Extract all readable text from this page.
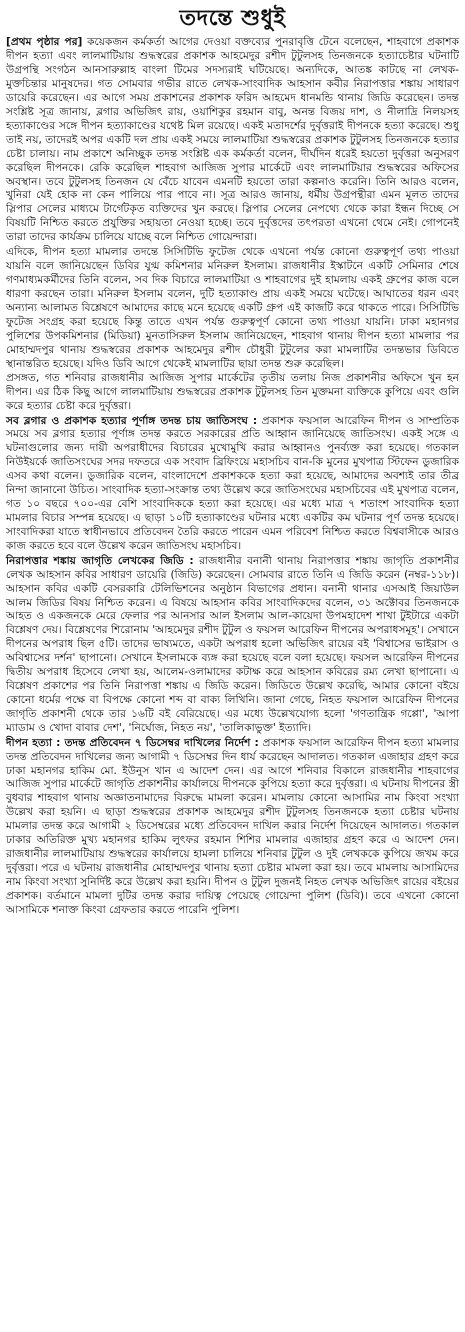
তদন্তে শুধুই

[প্রথম পৃষ্ঠার পর] কয়েকজন কর্মকর্তা আগের দেওয়া বক্তব্যের পুনরাবৃত্তি টেনে বলেছেন, শাহবাগে প্রকাশক দীপন হত্যা এবং লালমাটিয়ায় শুদ্ধস্বরের প্রকাশক আহমেদুর রশীদ টুটুলসহ তিনজনকে হত্যাচেষ্টার ঘটনাটি উগ্রপন্থি সংগঠন আনসারুল্লাহ বাংলা টিমের সদস্যরাই ঘটিয়েছে। অন্যদিকে, আতঙ্ক কাটছে না লেখক-মুক্তচিন্তার মানুষদের। গত সোমবার গভীর রাতে লেখক-সাংবাদিক আহসান কবীর নিরাপত্তার শঙ্কায় সাধারণ ডায়েরি করেছেন। এর আগে সময় প্রকাশনের প্রকাশক ফরিদ আহমেদ ধানমন্ডি থানায় জিডি করেছেন। তদন্ত সংশ্লিষ্ট সূত্র জানায়, ব্লগার অভিজিৎ রায়, ওয়াশিকুর রহমান বাবু, অনন্ত বিজয় দাশ, ও নীলাদ্রি নিলয়সহ হত্যাকাণ্ডের সঙ্গে দীপন হত্যাকাণ্ডের যথেষ্ট মিল রয়েছে। একই মতাদর্শের দুর্বৃত্তরাই দীপনকে হত্যা করেছে। শুধু তাই নয়, তাদেরই অপর একটি দল প্রায় একই সময়ে লালমাটিয়া শুদ্ধস্বরের প্রকাশক টুটুলসহ তিনজনকে হত্যার চেষ্টা চালায়। নাম প্রকাশে অনিচ্ছুক তদন্ত সংশ্লিষ্ট এক কর্মকর্তা বলেন, দীর্ঘদিন ধরেই হয়তো দুর্বৃত্তরা অনুসরণ করেছিল দীপনকে। রেকি করেছিল শাহবাগ আজিজ সুপার মার্কেটে এবং লালমাটিয়ার শুদ্ধস্বরের অফিসের অবস্থান। তবে টুটুলসহ তিনজন যে বেঁচে যাবেন এমনটি হয়তো তারা কল্পনাও করেনি। তিনি আরও বলেন, খুনিরা যেই হোক না কেন পালিয়ে পার পাবে না। সূত্র আরও জানায়, ধর্মীয় উগ্রপন্থীরা এমন মূলত তাদের স্লিপার সেলের মাধ্যমে টার্গেটকৃত ব্যক্তিদের খুন করছে। স্লিপার সেলের নেপথ্যে থেকে কারা ইন্ধন দিচ্ছে সে বিষয়টি নিশ্চিত করতে প্রযুক্তির সহায়তা নেওয়া হচ্ছে। তবে দুর্বৃত্তদের তৎপরতা এখনো থেমে নেই। গোপনেই তারা তাদের কার্যক্রম চালিয়ে যাচ্ছে বলে নিশ্চিত গোয়েন্দারা।

এদিকে, দীপন হত্যা মামলার তদন্তে সিসিটিভি ফুটেজ থেকে এখনো পর্যন্ত কোনো গুরুত্বপূর্ণ তথ্য পাওয়া যায়নি বলে জানিয়েছেন ডিবির যুগ্ম কমিশনার মনিরুল ইসলাম। রাজধানীর ইস্কাটনে একটি সেমিনার শেষে গণমাধ্যমকর্মীদের তিনি বলেন, সব দিক বিচারে লালমাটিয়া ও শাহবাগের দুই হামলায় একই গ্রুপের কাজ বলে ধারণা করছেন তারা। মনিরুল ইসলাম বলেন, দুটি হত্যাকাণ্ড প্রায় একই সময়ে ঘটেছে। আঘাতের ধরন এবং অন্যান্য আলামত বিশ্লেষণে আমাদের কাছে মনে হয়েছে একটি গ্রুপ এই কাজটি করে থাকতে পারে। সিসিটিভি ফুটেজ সংগ্রহ করা হয়েছে কিন্তু তাতে এখন পর্যন্ত গুরুত্বপূর্ণ কোনো তথ্য পাওয়া যায়নি। ঢাকা মহানগর পুলিশের উপকমিশনার (মিডিয়া) মুনতাসিরুল ইসলাম জানিয়েছেন, শাহবাগ থানায় দীপন হত্যা মামলার পর মোহাম্মদপুর থানায় শুদ্ধস্বরের প্রকাশক আহমেদুর রশীদ চৌধুরী টুটুলের করা মামলাটির তদন্তভার ডিবিতে স্থানান্তরিত হয়েছে। যদিও ডিবি আগে থেকেই মামলাটির ছায়া তদন্ত শুরু করেছিল।

প্রসঙ্গত, গত শনিবার রাজধানীর আজিজ সুপার মার্কেটের তৃতীয় তলায় নিজ প্রকাশনীর অফিসে খুন হন দীপন। এর ঠিক কিছু আগে লালমাটিয়ায় শুদ্ধস্বরের প্রকাশক টুটুলসহ তিন মুক্তমনা ব্যক্তিকে কুপিয়ে এবং গুলি করে হত্যার চেষ্টা করে দুর্বৃত্তরা।

সব ব্লগার ও প্রকাশক হত্যার পূর্ণাঙ্গ তদন্ত চায় জাতিসংঘ : প্রকাশক ফয়সাল আরেফিন দীপন ও সাম্প্রতিক সময়ে সব ব্লগার হত্যার পূর্ণাঙ্গ তদন্ত করতে সরকারের প্রতি আহ্বান জানিয়েছে জাতিসংঘ। একই সঙ্গে এ ঘটনাগুলোর জন্য দায়ী অপরাধীদের বিচারের মুখোমুখি করার আহ্বানও পুনর্ব্যক্ত করা হয়েছে। গতকাল নিউইয়র্কে জাতিসংঘের সদর দফতরে এক সংবাদ ব্রিফিংয়ে মহাসচিব বান-কি মুনের মুখপাত্র স্টিফেন ডুজারিক এসব কথা বলেন। ডুজারিক বলেন, বাংলাদেশে প্রকাশককে হত্যা করা হয়েছে, আমাদের অবশ্যই তার তীব্র নিন্দা জানানো উচিত। সাংবাদিক হত্যা-সংক্রান্ত তথ্য উল্লেখ করে জাতিসংঘের মহাসচিবের এই মুখপাত্র বলেন, গত ১০ বছরে ৭০০-এর বেশি সাংবাদিককে হত্যা করা হয়েছে। এর মধ্যে মাত্র ৭ শতাংশ সাংবাদিক হত্যা মামলার বিচার সম্পন্ন হয়েছে। এ ছাড়া ১০টি হত্যাকাণ্ডের ঘটনার মধ্যে একটির কম ঘটনার পূর্ণ তদন্ত হয়েছে। সাংবাদিকরা যাতে স্বাধীনভাবে প্রতিবেদন তৈরি করতে পারেন এমন পরিবেশ নিশ্চিত করতে বিশ্ববাসীকে আরও কাজ করতে হবে বলে উল্লেখ করেন জাতিসংঘ মহাসচিব।

নিরাপত্তার শঙ্কায় জাগৃতি লেখকের জিডি : রাজধানীর বনানী থানায় নিরাপত্তার শঙ্কায় জাগৃতি প্রকাশনীর লেখক আহসান কবির সাধারণ ডায়েরি (জিডি) করেছেন। সোমবার রাতে তিনি এ জিডি করেন (নম্বর-১১৮)। আহসান কবির একটি বেসরকারি টেলিভিশনের অনুষ্ঠান বিভাগের প্রধান। বনানী থানার এসআই জিয়াউল আলম জিডির বিষয় নিশ্চিত করেন। এ বিষয়ে আহসান কবির সাংবাদিকদের বলেন, ৩১ অক্টোবর তিনজনকে আহত ও একজনকে মেরে ফেলার পর আনসার আল ইসলাম আল-কায়েদা উপমহাদেশ শাখা টুইটারে একটা বিশ্লেষণ দেয়। বিশ্লেষণের শিরোনাম 'আহমেদুর রশীদ টুটুল ও ফয়সল আরেফিন দীপনের অপরাধসমূহ'। সেখানে দীপনের অপরাধ ছিল ৫টি। তাদের ভাষ্যমতে, একটা অপরাধ হলো অভিজিৎ রায়ের বই 'বিশ্বাসের ভাইরাস ও অবিশ্বাসের দর্শন' ছাপানো। সেখানে ইসলামকে ব্যঙ্গ করা হয়েছে বলে বলা হয়েছে। ফয়সল আরেফিন দীপনের দ্বিতীয় অপরাধ হিসেবে লেখা হয়, আলেম-ওলামাদের কটাক্ষ করে আহসান কবিরের রম্য লেখা ছাপানো। এ বিশ্লেষণ প্রকাশের পর তিনি নিরাপত্তা শঙ্কায় এ জিডি করেন। জিডিতে উল্লেখ করেছি, আমার কোনো বইয়ে কোনো ধর্মের পক্ষে বা বিপক্ষে কোনো শব্দ বা বাক্য লিখিনি। জানা গেছে, নিহত ফয়সাল আরেফিন দীপনের জাগৃতি প্রকাশনী থেকে তার ১৬টি বই বেরিয়েছে। এর মধ্যে উল্লেখযোগ্য হলো 'গণতান্ত্রিক গপ্পো', 'আপা ম্যাডাম ও খোদা বাবার দেশ', 'নির্ঘোজ, নিহত নয়', 'তালিকাভুক্ত' ইত্যাদি।

দীপন হত্যা : তদন্ত প্রতিবেদন ৭ ডিসেম্বর দাখিলের নির্দেশ : প্রকাশক ফয়সাল আরেফিন দীপন হত্যা মামলার তদন্ত প্রতিবেদন দাখিলের জন্য আগামী ৭ ডিসেম্বর দিন ধার্য করেছেন আদালত। গতকাল এজাহার গ্রহণ করে ঢাকা মহানগর হাকিম মো. ইউনুস খান এ আদেশ দেন। এর আগে শনিবার বিকালে রাজধানীর শাহবাগের আজিজ সুপার মার্কেটে জাগৃতি প্রকাশনীর কার্যালয়ে দীপনকে কুপিয়ে হত্যা করে দুর্বৃত্তরা। এ ঘটনায় দীপনের স্ত্রী বুধবার শাহবাগ থানায় অজ্ঞাতনামাদের বিরুদ্ধে মামলা করেন। মামলায় কোনো আসামির নাম কিংবা সংখ্যা উল্লেখ করা হয়নি। এ ছাড়া শুদ্ধস্বরের প্রকাশক আহমেদুর রশীদ টুটুলসহ তিনজনকে হত্যা চেষ্টার ঘটনায় মামলার তদন্ত করে আগামী ২ ডিসেম্বরের মধ্যে প্রতিবেদন দাখিল করার নির্দেশ দিয়েছেন আদালত। গতকাল ঢাকার অতিরিক্ত মুখ্য মহানগর হাকিম লুৎফর রহমান শিশির মামলার এজাহার গ্রহণ করে এ আদেশ দেন। রাজধানীর লালমাটিয়ায় শুদ্ধস্বরের কার্যালয়ে হামলা চালিয়ে শনিবার টুটুল ও দুই লেখককে কুপিয়ে জখম করে দুর্বৃত্তরা। পরে এ ঘটনায় রাজধানীর মোহাম্মদপুর থানায় হত্যা চেষ্টার মামলা করা হয়। তবে মামলায় আসামিদের নাম কিংবা সংখ্যা সুনির্দিষ্ট করে উল্লেখ করা হয়নি। দীপন ও টুটুল দুজনই নিহত লেখক অভিজিৎ রায়ের বইয়ের প্রকাশক। বর্তমানে মামলা দুটির তদন্ত করার দায়িত্ব পেয়েছে গোয়েন্দা পুলিশ (ডিবি)। তবে এখনো কোনো আসামিকে শনাক্ত কিংবা গ্রেফতার করতে পারেনি পুলিশ।
